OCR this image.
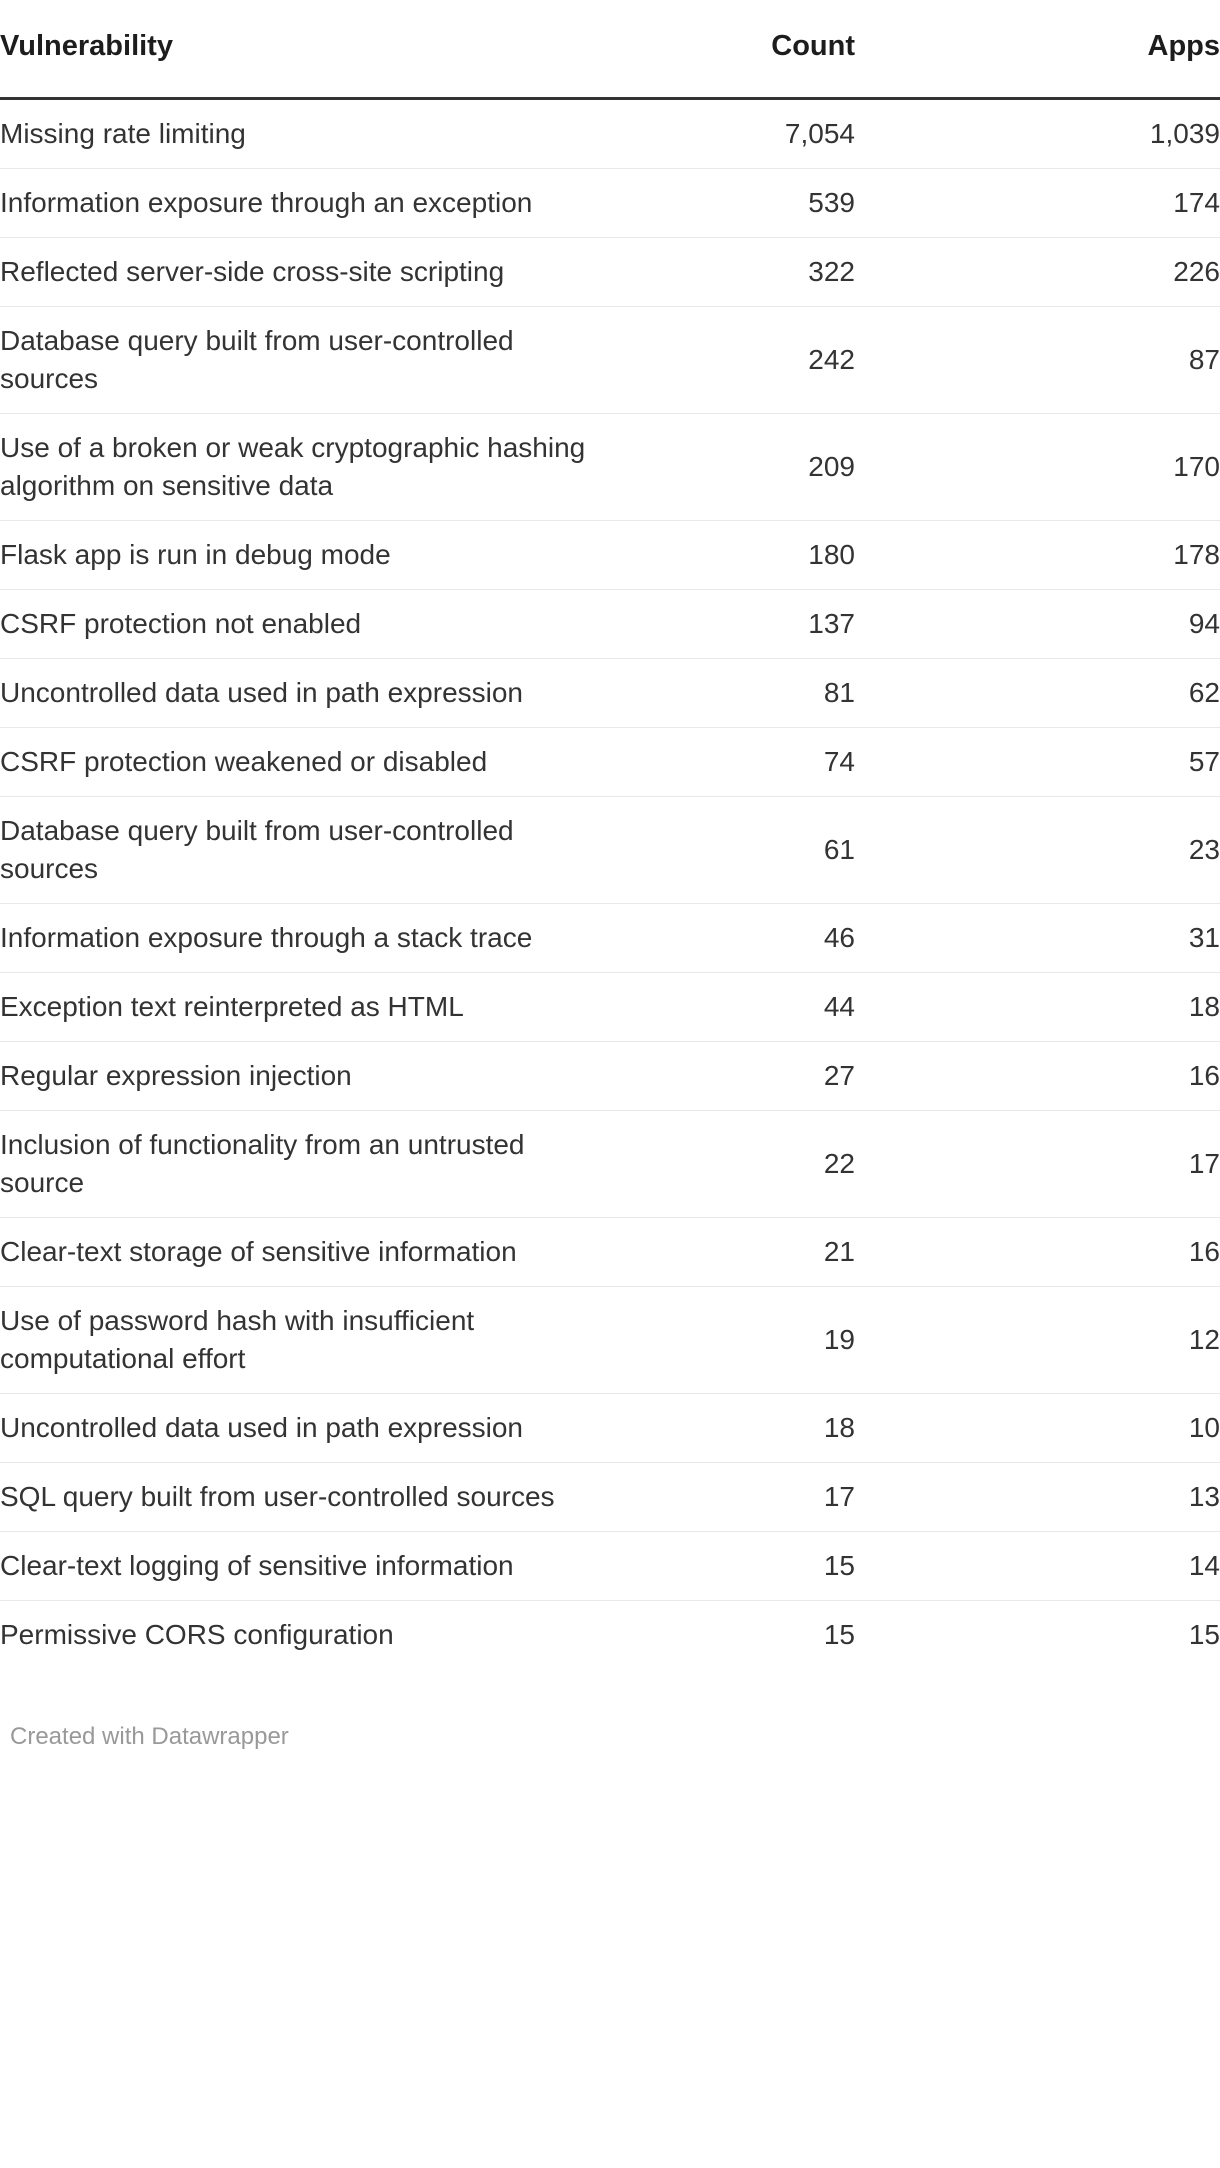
Vulnerability	Count	Apps
Missing rate limiting	7,054	1,039
Information exposure through an exception	539	174
Reflected server-side cross-site scripting	322	226
Database query built from user-controlled sources	242	87
Use of a broken or weak cryptographic hashing algorithm on sensitive data	209	170
Flask app is run in debug mode	180	178
CSRF protection not enabled	137	94
Uncontrolled data used in path expression	81	62
CSRF protection weakened or disabled	74	57
Database query built from user-controlled sources	61	23
Information exposure through a stack trace	46	31
Exception text reinterpreted as HTML	44	18
Regular expression injection	27	16
Inclusion of functionality from an untrusted source	22	17
Clear-text storage of sensitive information	21	16
Use of password hash with insufficient computational effort	19	12
Uncontrolled data used in path expression	18	10
SQL query built from user-controlled sources	17	13
Clear-text logging of sensitive information	15	14
Permissive CORS configuration	15	15
Created with Datawrapper
